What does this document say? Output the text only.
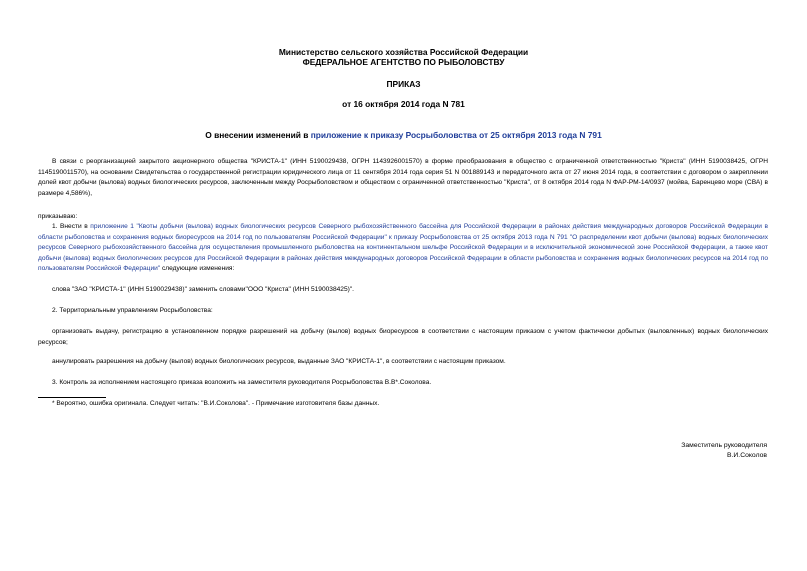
Министерство сельского хозяйства Российской Федерации
ФЕДЕРАЛЬНОЕ АГЕНТСТВО ПО РЫБОЛОВСТВУ
ПРИКАЗ
от 16 октября 2014 года N 781
О внесении изменений в приложение к приказу Росрыболовства от 25 октября 2013 года N 791
В связи с реорганизацией закрытого акционерного общества "КРИСТА-1" (ИНН 5190029438, ОГРН 1143926001570) в форме преобразования в общество с ограниченной ответственностью "Криста" (ИНН 5190038425, ОГРН 1145190011570), на основании Свидетельства о государственной регистрации юридического лица от 11 сентября 2014 года серия 51 N 001889143 и передаточного акта от 27 июня 2014 года, в соответствии с договором о закреплении долей квот добычи (вылова) водных биологических ресурсов, заключенным между Росрыболовством и обществом с ограниченной ответственностью "Криста", от 8 октября 2014 года N ФАР-РМ-14/0937 (мойва, Баренцево море (СВА) в размере 4,586%),
приказываю:
1. Внести в приложение 1 "Квоты добычи (вылова) водных биологических ресурсов Северного рыбохозяйственного бассейна для Российской Федерации в районах действия международных договоров Российской Федерации в области рыболовства и сохранения водных биоресурсов на 2014 год по пользователям Российской Федерации" к приказу Росрыболовства от 25 октября 2013 года N 791 "О распределении квот добычи (вылова) водных биологических ресурсов Северного рыбохозяйственного бассейна для осуществления промышленного рыболовства на континентальном шельфе Российской Федерации и в исключительной экономической зоне Российской Федерации, а также квот добычи (вылова) водных биологических ресурсов для Российской Федерации в районах действия международных договоров Российской Федерации в области рыболовства и сохранения водных биологических ресурсов на 2014 год по пользователям Российской Федерации" следующие изменения:
слова "ЗАО "КРИСТА-1" (ИНН 5190029438)" заменить словами"ООО "Криста" (ИНН 5190038425)".
2. Территориальным управлениям Росрыболовства:
организовать выдачу, регистрацию в установленном порядке разрешений на добычу (вылов) водных биоресурсов в соответствии с настоящим приказом с учетом фактически добытых (выловленных) водных биологических ресурсов;
аннулировать разрешения на добычу (вылов) водных биологических ресурсов, выданные ЗАО "КРИСТА-1", в соответствии с настоящим приказом.
3. Контроль за исполнением настоящего приказа возложить на заместителя руководителя Росрыболовства В.В*.Соколова.
* Вероятно, ошибка оригинала. Следует читать: "В.И.Соколова". - Примечание изготовителя базы данных.
Заместитель руководителя
В.И.Соколов
